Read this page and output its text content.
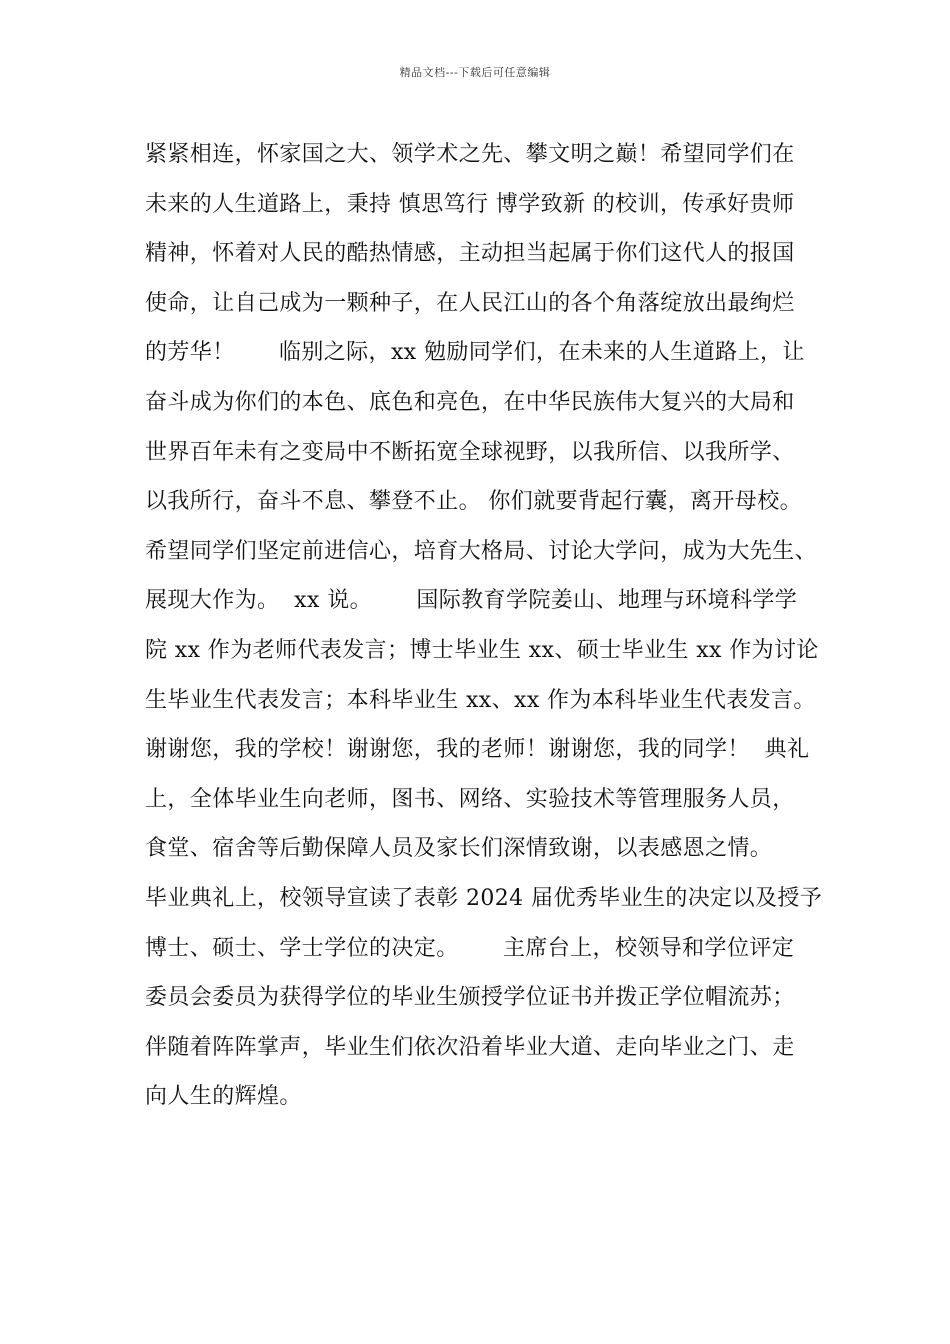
精品文档---下载后可任意编辑
紧紧相连，怀家国之大、领学术之先、攀文明之巅！希望同学们在
未来的人生道路上，秉持 慎思笃行 博学致新 的校训，传承好贵师
精神，怀着对人民的酷热情感，主动担当起属于你们这代人的报国
使命，让自己成为一颗种子，在人民江山的各个角落绽放出最绚烂
的芳华！      临别之际，xx 勉励同学们，在未来的人生道路上，让
奋斗成为你们的本色、底色和亮色，在中华民族伟大复兴的大局和
世界百年未有之变局中不断拓宽全球视野，以我所信、以我所学、
以我所行，奋斗不息、攀登不止。 你们就要背起行囊，离开母校。
希望同学们坚定前进信心，培育大格局、讨论大学问，成为大先生、
展现大作为。  xx 说。      国际教育学院姜山、地理与环境科学学
院 xx 作为老师代表发言；博士毕业生 xx、硕士毕业生 xx 作为讨论
生毕业生代表发言；本科毕业生 xx、xx 作为本科毕业生代表发言。
谢谢您，我的学校！谢谢您，我的老师！谢谢您，我的同学！  典礼
上，全体毕业生向老师，图书、网络、实验技术等管理服务人员，
食堂、宿舍等后勤保障人员及家长们深情致谢，以表感恩之情。
毕业典礼上，校领导宣读了表彰 2024 届优秀毕业生的决定以及授予
博士、硕士、学士学位的决定。      主席台上，校领导和学位评定
委员会委员为获得学位的毕业生颁授学位证书并拨正学位帽流苏；
伴随着阵阵掌声，毕业生们依次沿着毕业大道、走向毕业之门、走
向人生的辉煌。
